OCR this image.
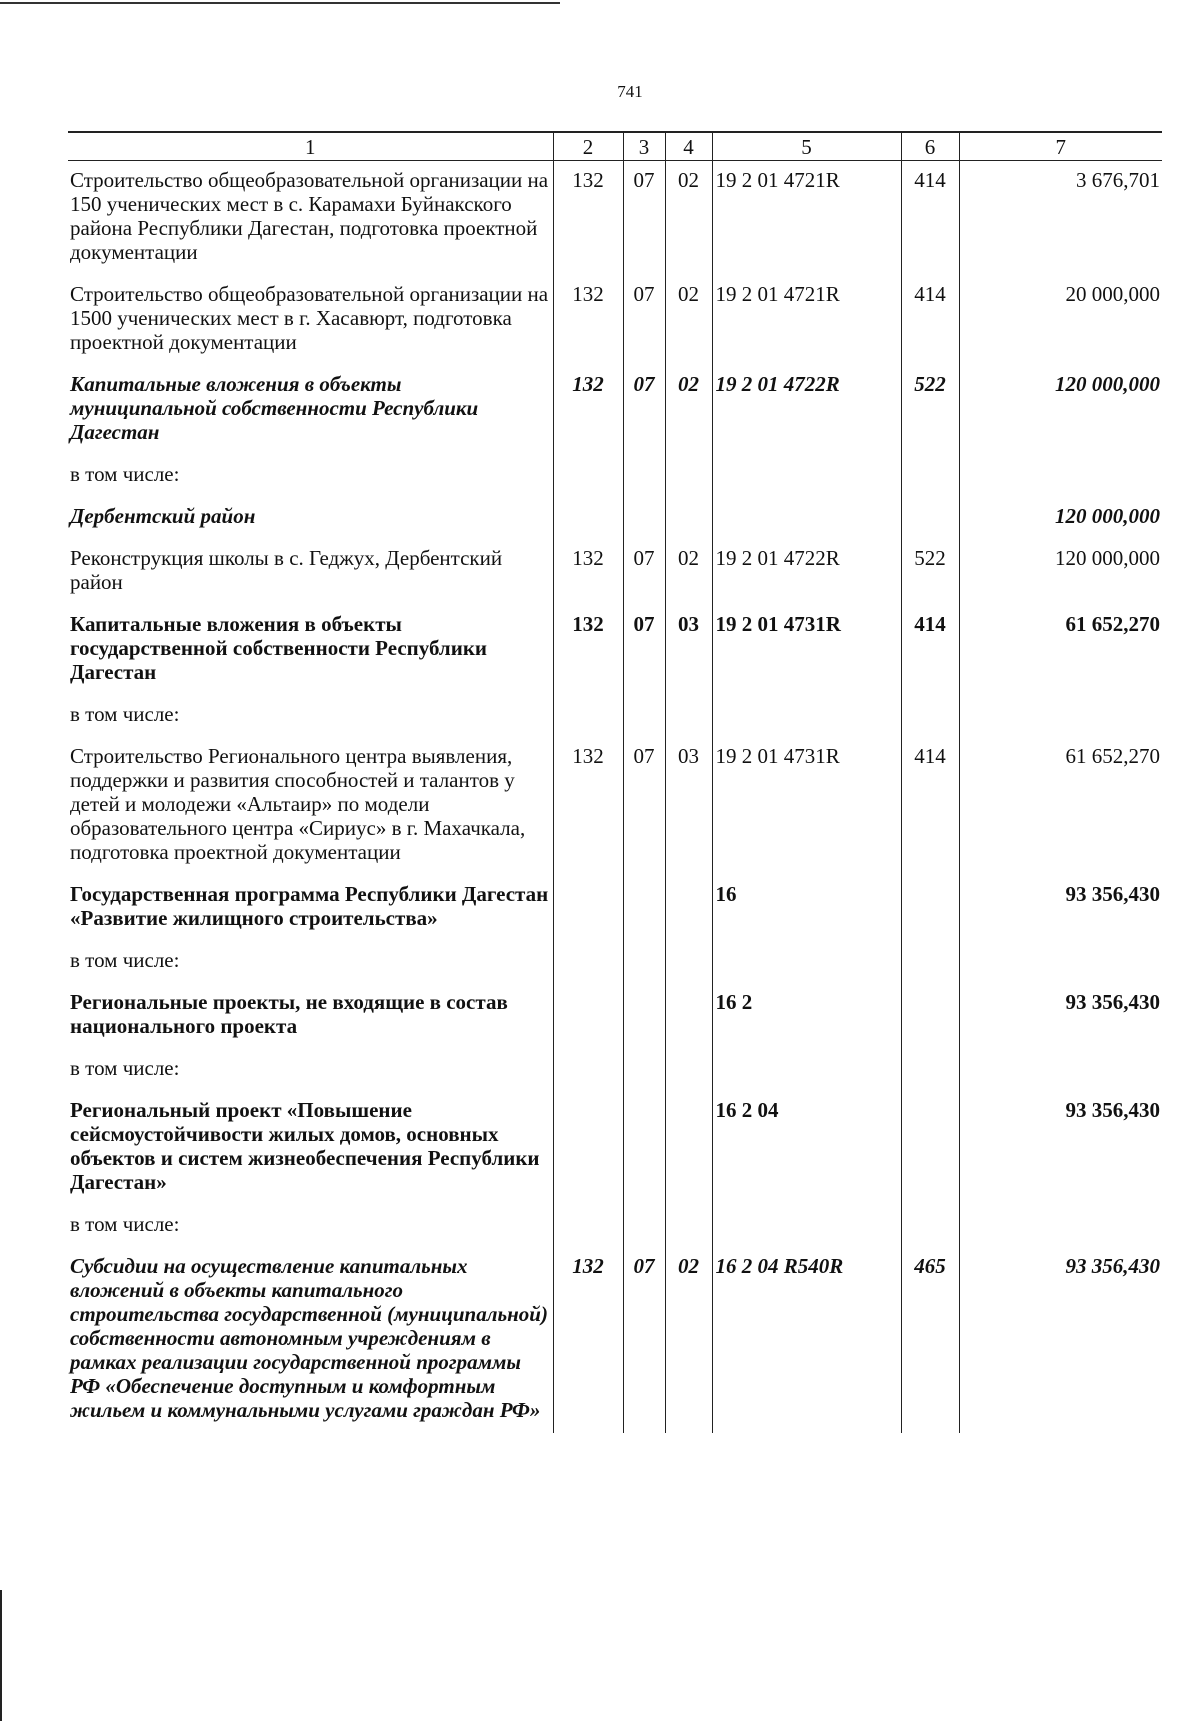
741
1	2	3	4	5	6	7
Строительство общеобразовательной организации на 150 ученических мест в с. Карамахи Буйнакского района Республики Дагестан, подготовка проектной документации	132	07	02	19 2 01 4721R	414	3 676,701
Строительство общеобразовательной организации на 1500 ученических мест в г. Хасавюрт, подготовка проектной документации	132	07	02	19 2 01 4721R	414	20 000,000
Капитальные вложения в объекты муниципальной собственности Республики Дагестан	132	07	02	19 2 01 4722R	522	120 000,000
в том числе:						
Дербентский район						120 000,000
Реконструкция школы в с. Геджух, Дербентский район	132	07	02	19 2 01 4722R	522	120 000,000
Капитальные вложения в объекты государственной собственности Республики Дагестан	132	07	03	19 2 01 4731R	414	61 652,270
в том числе:						
Строительство Регионального центра выявления, поддержки и развития способностей и талантов у детей и молодежи «Альтаир» по модели образовательного центра «Сириус» в г. Махачкала, подготовка проектной документации	132	07	03	19 2 01 4731R	414	61 652,270
Государственная программа Республики Дагестан «Развитие жилищного строительства»				16		93 356,430
в том числе:						
Региональные проекты, не входящие в состав национального проекта				16 2		93 356,430
в том числе:						
Региональный проект «Повышение сейсмоустойчивости жилых домов, основных объектов и систем жизнеобеспечения Республики Дагестан»				16 2 04		93 356,430
в том числе:						
Субсидии на осуществление капитальных вложений в объекты капитального строительства государственной (муниципальной) собственности автономным учреждениям в рамках реализации государственной программы РФ «Обеспечение доступным и комфортным жильем и коммунальными услугами граждан РФ»	132	07	02	16 2 04 R540R	465	93 356,430
